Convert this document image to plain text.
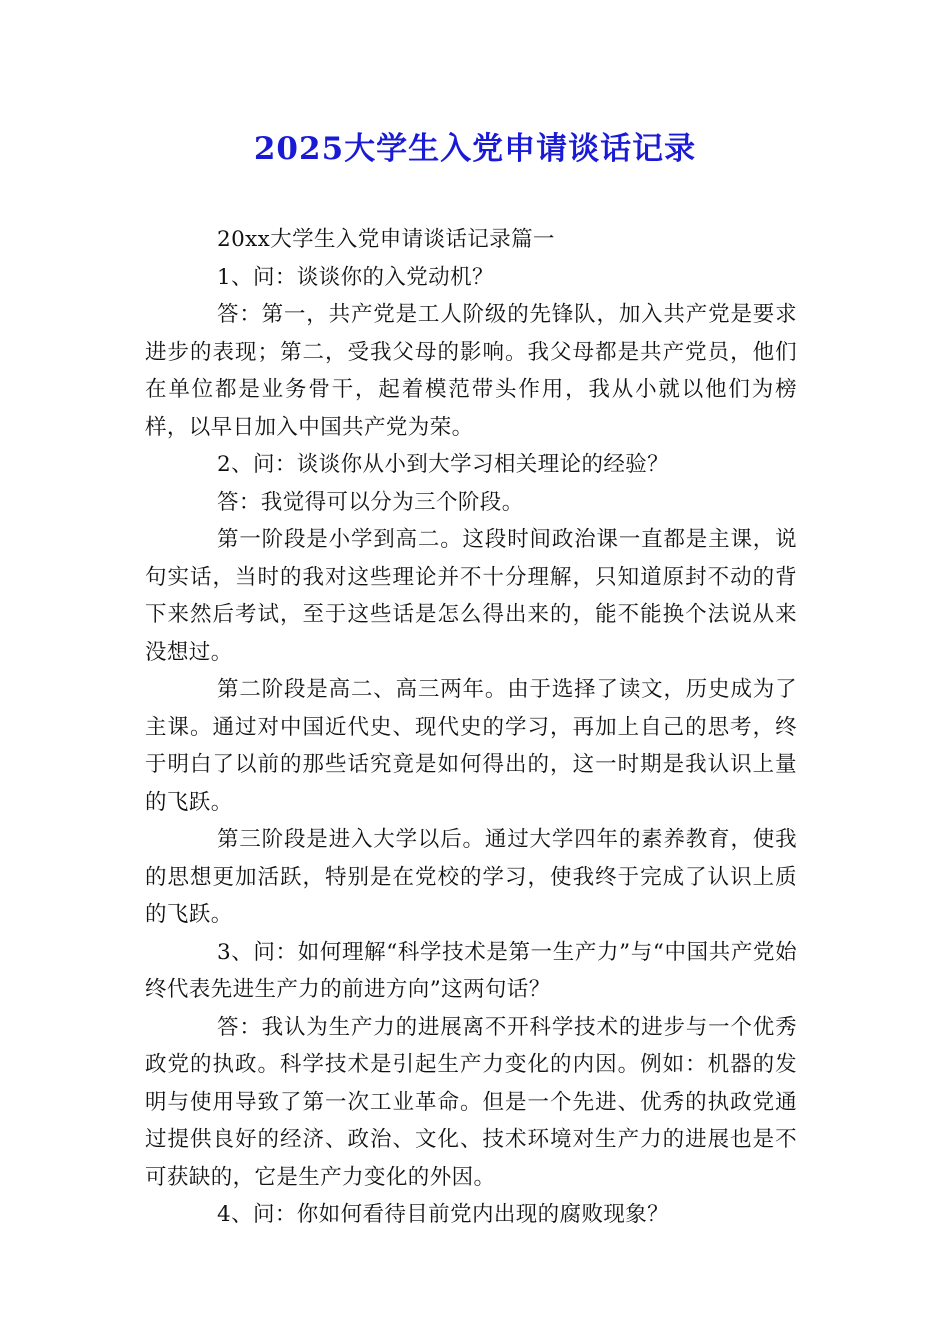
2025大学生入党申请谈话记录

20xx大学生入党申请谈话记录篇一

1、问：谈谈你的入党动机？

答：第一，共产党是工人阶级的先锋队，加入共产党是要求进步的表现；第二，受我父母的影响。我父母都是共产党员，他们在单位都是业务骨干，起着模范带头作用，我从小就以他们为榜样，以早日加入中国共产党为荣。

2、问：谈谈你从小到大学习相关理论的经验？

答：我觉得可以分为三个阶段。

第一阶段是小学到高二。这段时间政治课一直都是主课，说句实话，当时的我对这些理论并不十分理解，只知道原封不动的背下来然后考试，至于这些话是怎么得出来的，能不能换个法说从来没想过。

第二阶段是高二、高三两年。由于选择了读文，历史成为了主课。通过对中国近代史、现代史的学习，再加上自己的思考，终于明白了以前的那些话究竟是如何得出的，这一时期是我认识上量的飞跃。

第三阶段是进入大学以后。通过大学四年的素养教育，使我的思想更加活跃，特别是在党校的学习，使我终于完成了认识上质的飞跃。

3、问：如何理解“科学技术是第一生产力”与“中国共产党始终代表先进生产力的前进方向”这两句话？

答：我认为生产力的进展离不开科学技术的进步与一个优秀政党的执政。科学技术是引起生产力变化的内因。例如：机器的发明与使用导致了第一次工业革命。但是一个先进、优秀的执政党通过提供良好的经济、政治、文化、技术环境对生产力的进展也是不可获缺的，它是生产力变化的外因。

4、问：你如何看待目前党内出现的腐败现象？
